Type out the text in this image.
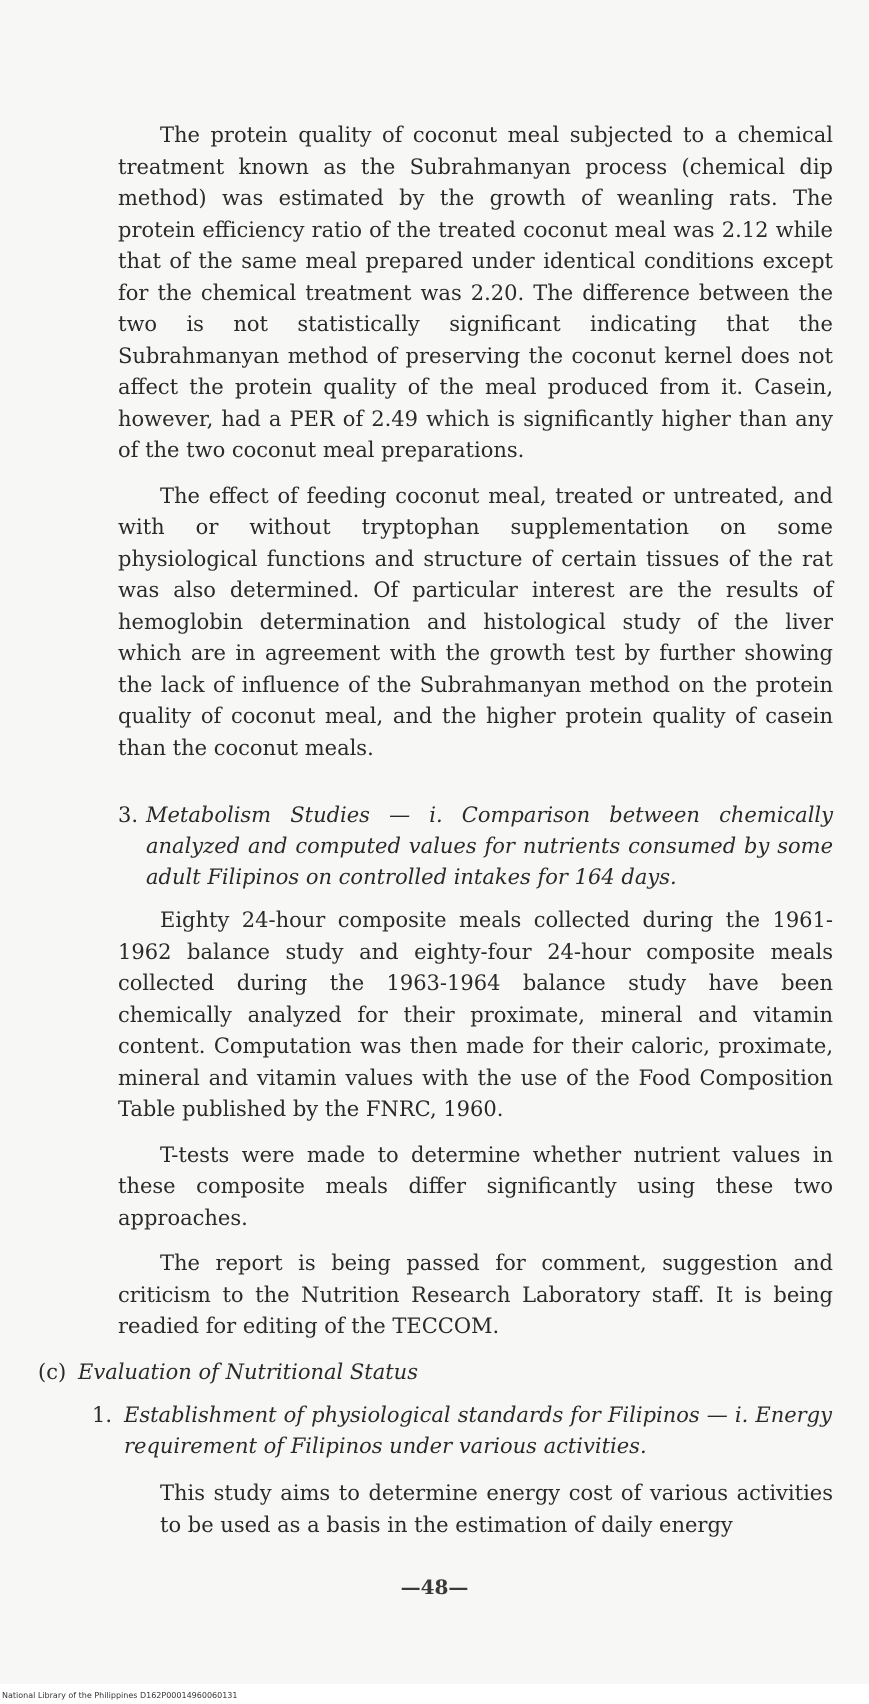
The protein quality of coconut meal subjected to a chemical treatment known as the Subrahmanyan process (chemical dip method) was estimated by the growth of weanling rats. The protein efficiency ratio of the treated coconut meal was 2.12 while that of the same meal prepared under identical conditions except for the chemical treatment was 2.20. The difference between the two is not statistically significant indicating that the Subrahmanyan method of preserving the coconut kernel does not affect the protein quality of the meal produced from it. Casein, however, had a PER of 2.49 which is significantly higher than any of the two coconut meal preparations.

The effect of feeding coconut meal, treated or untreated, and with or without tryptophan supplementation on some physiological functions and structure of certain tissues of the rat was also determined. Of particular interest are the results of hemoglobin determination and histological study of the liver which are in agreement with the growth test by further showing the lack of influence of the Subrahmanyan method on the protein quality of coconut meal, and the higher protein quality of casein than the coconut meals.

3. Metabolism Studies — i. Comparison between chemically analyzed and computed values for nutrients consumed by some adult Filipinos on controlled intakes for 164 days.

Eighty 24-hour composite meals collected during the 1961-1962 balance study and eighty-four 24-hour composite meals collected during the 1963-1964 balance study have been chemically analyzed for their proximate, mineral and vitamin content. Computation was then made for their caloric, proximate, mineral and vitamin values with the use of the Food Composition Table published by the FNRC, 1960.

T-tests were made to determine whether nutrient values in these composite meals differ significantly using these two approaches.

The report is being passed for comment, suggestion and criticism to the Nutrition Research Laboratory staff. It is being readied for editing of the TECCOM.

(c) Evaluation of Nutritional Status
1. Establishment of physiological standards for Filipinos — i. Energy requirement of Filipinos under various activities.

This study aims to determine energy cost of various activities to be used as a basis in the estimation of daily energy

—48—
National Library of the Philippines D162P00014960060131
